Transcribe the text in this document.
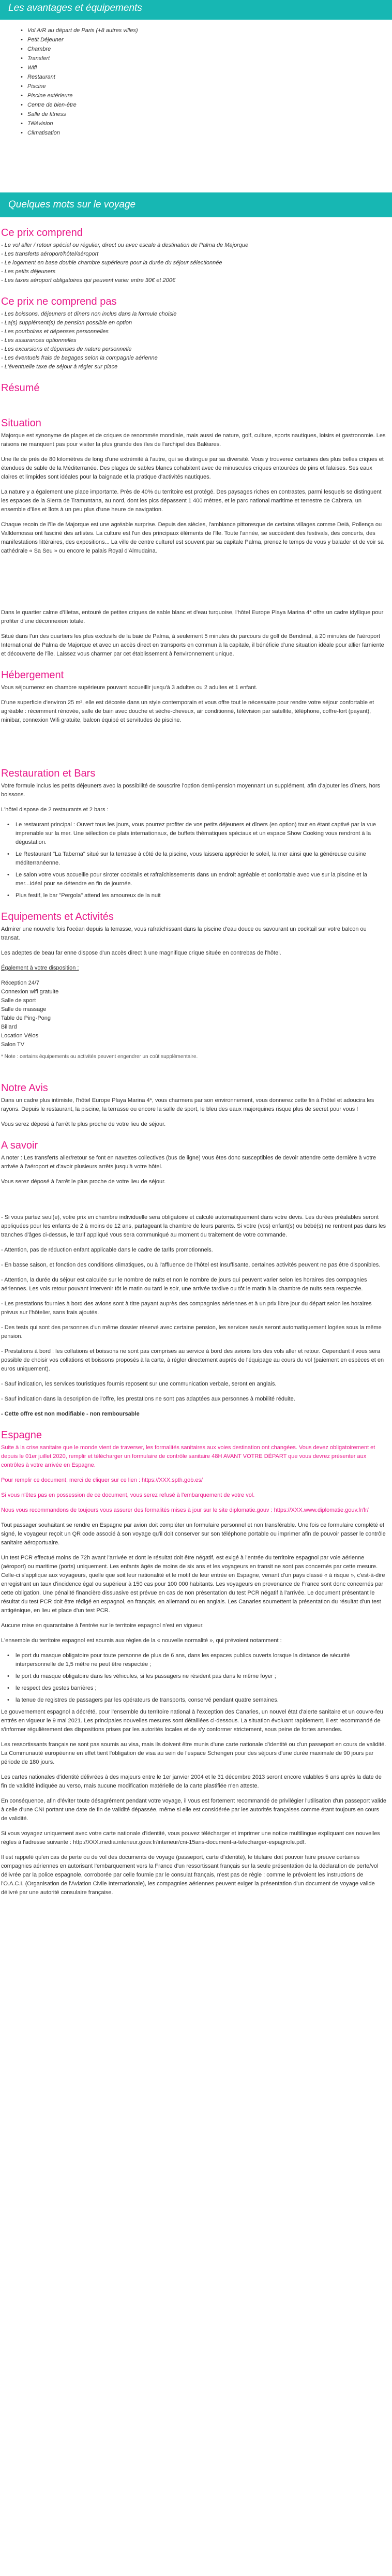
Les avantages et équipements
• Vol A/R au départ de Paris (+8 autres villes)
• Petit Déjeuner
• Chambre
• Transfert
• Wifi
• Restaurant
• Piscine
• Piscine extérieure
• Centre de bien-être
• Salle de fitness
• Télévision
• Climatisation
Quelques mots sur le voyage
Ce prix comprend
- Le vol aller / retour spécial ou régulier, direct ou avec escale à destination de Palma de Majorque
- Les transferts aéroport/hôtel/aéroport
- Le logement en base double chambre supérieure pour la durée du séjour sélectionnée
- Les petits déjeuners
- Les taxes aéroport obligatoires qui peuvent varier entre 30€ et 200€
Ce prix ne comprend pas
- Les boissons, déjeuners et dîners non inclus dans la formule choisie
- La(s) supplément(s) de pension possible en option
- Les pourboires et dépenses personnelles
- Les assurances optionnelles
- Les excursions et dépenses de nature personnelle
- Les éventuels frais de bagages selon la compagnie aérienne
- L'éventuelle taxe de séjour à régler sur place
Résumé
Situation

Majorque est synonyme de plages et de criques de renommée mondiale, mais aussi de nature, golf, culture, sports nautiques, loisirs et gastronomie. Les raisons ne manquent pas pour visiter la plus grande des îles de l'archipel des Baléares.

Une île de près de 80 kilomètres de long d'une extrémité à l'autre, qui se distingue par sa diversité. Vous y trouverez certaines des plus belles criques et étendues de sable de la Méditerranée. Des plages de sables blancs cohabitent avec de minuscules criques entourées de pins et falaises. Ses eaux claires et limpides sont idéales pour la baignade et la pratique d'activités nautiques.

La nature y a également une place importante. Près de 40% du territoire est protégé. Des paysages riches en contrastes, parmi lesquels se distinguent les espaces de la Sierra de Tramuntana, au nord, dont les pics dépassent 1 400 mètres, et le parc national maritime et terrestre de Cabrera, un ensemble d'îles et îlots à un peu plus d'une heure de navigation.

Chaque recoin de l'île de Majorque est une agréable surprise. Depuis des siècles, l'ambiance pittoresque de certains villages comme Deià, Pollença ou Valldemossa ont fasciné des artistes. La culture est l'un des principaux éléments de l'île. Toute l'année, se succèdent des festivals, des concerts, des manifestations littéraires, des expositions... La ville de centre culturel est souvent par sa capitale Palma, prenez le temps de vous y balader et de voir sa cathédrale « Sa Seu » ou encore le palais Royal d'Almudaina.

Dans le quartier calme d'Illetas, entouré de petites criques de sable blanc et d'eau turquoise, l'hôtel Europe Playa Marina 4* offre un cadre idyllique pour profiter d'une déconnexion totale.

Situé dans l'un des quartiers les plus exclusifs de la baie de Palma, à seulement 5 minutes du parcours de golf de Bendinat, à 20 minutes de l'aéroport International de Palma de Majorque et avec un accès direct en transports en commun à la capitale, il bénéficie d'une situation idéale pour allier farniente et découverte de l'île. Laissez vous charmer par cet établissement à l'environnement unique.

Hébergement

Vous séjournerez en chambre supérieure pouvant accueillir jusqu'à 3 adultes ou 2 adultes et 1 enfant.

D'une superficie d'environ 25 m², elle est décorée dans un style contemporain et vous offre tout le nécessaire pour rendre votre séjour confortable et agréable : récemment rénovée, salle de bain avec douche et sèche-cheveux, air conditionné, télévision par satellite, téléphone, coffre-fort (payant), minibar, connexion Wifi gratuite, balcon équipé et servitudes de piscine.

Restauration et Bars

Votre formule inclus les petits déjeuners avec la possibilité de souscrire l'option demi-pension moyennant un supplément, afin d'ajouter les dîners, hors boissons.

L'hôtel dispose de 2 restaurants et 2 bars :

• Le restaurant principal : Ouvert tous les jours, vous pourrez profiter de vos petits déjeuners et dîners (en option) tout en étant captivé par la vue imprenable sur la mer. Une sélection de plats internationaux, de buffets thématiques spéciaux et un espace Show Cooking vous rendront à la dégustation.
• Le Restaurant "La Taberna" situé sur la terrasse à côté de la piscine, vous laissera apprécier le soleil, la mer ainsi que la généreuse cuisine méditerranéenne.
• Le salon votre vous accueille pour siroter cocktails et rafraîchissements dans un endroit agréable et confortable avec vue sur la piscine et la mer...Idéal pour se détendre en fin de journée.
• Plus festif, le bar "Pergola" attend les amoureux de la nuit
Equipements et Activités

Admirer une nouvelle fois l'océan depuis la terrasse, vous rafraîchissant dans la piscine d'eau douce ou savourant un cocktail sur votre balcon ou transat.

Les adeptes de beau far enne dispose d'un accès direct à une magnifique crique située en contrebas de l'hôtel.

Également à votre disposition :

Réception 24/7
Connexion wifi gratuite
Salle de sport
Salle de massage
Table de Ping-Pong
Billard
Location Vélos
Salon TV
* Note : certains équipements ou activités peuvent engendrer un coût supplémentaire.
Notre Avis

Dans un cadre plus intimiste, l'hôtel Europe Playa Marina 4*, vous charmera par son environnement, vous donnerez cette fin à l'hôtel et adoucira les rayons. Depuis le restaurant, la piscine, la terrasse ou encore la salle de sport, le bleu des eaux majorquines risque plus de secret pour vous !

Vous serez déposé à l'arrêt le plus proche de votre lieu de séjour.

A savoir

A noter : Les transferts aller/retour se font en navettes collectives (bus de ligne) vous êtes donc susceptibles de devoir attendre cette dernière à votre arrivée à l'aéroport et d'avoir plusieurs arrêts jusqu'à votre hôtel.

Vous serez déposé à l'arrêt le plus proche de votre lieu de séjour.

- Si vous partez seul(e), votre prix en chambre individuelle sera obligatoire et calculé automatiquement dans votre devis. Les durées préalables seront appliquées pour les enfants de 2 à moins de 12 ans, partageant la chambre de leurs parents. Si votre (vos) enfant(s) ou bébé(s) ne rentrent pas dans les tranches d'âges ci-dessus, le tarif appliqué vous sera communiqué au moment du traitement de votre commande.

- Attention, pas de réduction enfant applicable dans le cadre de tarifs promotionnels.

- En basse saison, et fonction des conditions climatiques, ou à l'affluence de l'hôtel est insuffisante, certaines activités peuvent ne pas être disponibles.

- Attention, la durée du séjour est calculée sur le nombre de nuits et non le nombre de jours qui peuvent varier selon les horaires des compagnies aériennes. Les vols retour pouvant intervenir tôt le matin ou tard le soir, une arrivée tardive ou tôt le matin à la chambre de nuits sera respectée.

- Les prestations fournies à bord des avions sont à titre payant auprès des compagnies aériennes et à un prix libre jour du départ selon les horaires prévus sur l'hôtelier, sans frais ajoutés.

- Des tests qui sont des personnes d'un même dossier réservé avec certaine pension, les services seuls seront automatiquement logées sous la même pension.

- Prestations à bord : les collations et boissons ne sont pas comprises au service à bord des avions lors des vols aller et retour. Cependant il vous sera possible de choisir vos collations et boissons proposés à la carte, à régler directement auprès de l'équipage au cours du vol (paiement en espèces et en euros uniquement).

- Sauf indication, les services touristiques fournis reposent sur une communication verbale, seront en anglais.

- Sauf indication dans la description de l'offre, les prestations ne sont pas adaptées aux personnes à mobilité réduite.

- Cette offre est non modifiable - non remboursable

Espagne

Suite à la crise sanitaire que le monde vient de traverser, les formalités sanitaires aux voies destination ont changées. Vous devez obligatoirement et depuis le 01er juillet 2020, remplir et télécharger un formulaire de contrôle sanitaire 48H AVANT VOTRE DÉPART que vous devrez présenter aux contrôles à votre arrivée en Espagne.

Pour remplir ce document, merci de cliquer sur ce lien : https://XXX.spth.gob.es/

Si vous n'êtes pas en possession de ce document, vous serez refusé à l'embarquement de votre vol.

Nous vous recommandons de toujours vous assurer des formalités mises à jour sur le site diplomatie.gouv : https://XXX.www.diplomatie.gouv.fr/fr/

Tout passager souhaitant se rendre en Espagne par avion doit compléter un formulaire personnel et non transférable. Une fois ce formulaire complété et signé, le voyageur reçoit un QR code associé à son voyage qu'il doit conserver sur son téléphone portable ou imprimer afin de pouvoir passer le contrôle sanitaire aéroportuaire.

Un test PCR effectué moins de 72h avant l'arrivée et dont le résultat doit être négatif, est exigé à l'entrée du territoire espagnol par voie aérienne (aéroport) ou maritime (ports) uniquement. Les enfants âgés de moins de six ans et les voyageurs en transit ne sont pas concernés par cette mesure. Celle-ci s'applique aux voyageurs, quelle que soit leur nationalité et le motif de leur entrée en Espagne, venant d'un pays classé « à risque », c'est-à-dire enregistrant un taux d'incidence égal ou supérieur à 150 cas pour 100 000 habitants. Les voyageurs en provenance de France sont donc concernés par cette obligation. Une pénalité financière dissuasive est prévue en cas de non présentation du test PCR négatif à l'arrivée. Le document présentant le résultat du test PCR doit être rédigé en espagnol, en français, en allemand ou en anglais. Les Canaries soumettent la présentation du résultat d'un test antigénique, en lieu et place d'un test PCR.

Aucune mise en quarantaine à l'entrée sur le territoire espagnol n'est en vigueur.

L'ensemble du territoire espagnol est soumis aux règles de la « nouvelle normalité », qui prévoient notamment :

• le port du masque obligatoire pour toute personne de plus de 6 ans, dans les espaces publics ouverts lorsque la distance de sécurité interpersonnelle de 1,5 mètre ne peut être respectée ;
• le port du masque obligatoire dans les véhicules, si les passagers ne résident pas dans le même foyer ;
• le respect des gestes barrières ;
• la tenue de registres de passagers par les opérateurs de transports, conservé pendant quatre semaines.

Le gouvernement espagnol a décrété, pour l'ensemble du territoire national à l'exception des Canaries, un nouvel état d'alerte sanitaire et un couvre-feu entrés en vigueur le 9 mai 2021. Les principales nouvelles mesures sont détaillées ci-dessous. La situation évoluant rapidement, il est recommandé de s'informer régulièrement des dispositions prises par les autorités locales et de s'y conformer strictement, sous peine de fortes amendes.

Les ressortissants français ne sont pas soumis au visa, mais ils doivent être munis d'une carte nationale d'identité ou d'un passeport en cours de validité. La Communauté européenne en effet tient l'obligation de visa au sein de l'espace Schengen pour des séjours d'une durée maximale de 90 jours par période de 180 jours.

Les cartes nationales d'identité délivrées à des majeurs entre le 1er janvier 2004 et le 31 décembre 2013 seront encore valables 5 ans après la date de fin de validité indiquée au verso, mais aucune modification matérielle de la carte plastifiée n'en atteste.

En conséquence, afin d'éviter toute désagrément pendant votre voyage, il vous est fortement recommandé de privilégier l'utilisation d'un passeport valide à celle d'une CNI portant une date de fin de validité dépassée, même si elle est considérée par les autorités françaises comme étant toujours en cours de validité.

Si vous voyagez uniquement avec votre carte nationale d'identité, vous pouvez télécharger et imprimer une notice multilingue expliquant ces nouvelles règles à l'adresse suivante : http://XXX.media.interieur.gouv.fr/interieur/cni-15ans-document-a-telecharger-espagnole.pdf.

Il est rappelé qu'en cas de perte ou de vol des documents de voyage (passeport, carte d'identité), le titulaire doit pouvoir faire preuve certaines compagnies aériennes en autorisant l'embarquement vers la France d'un ressortissant français sur la seule présentation de la déclaration de perte/vol délivrée par la police espagnole, corroborée par celle fournie par le consulat français, n'est pas de règle : comme le prévoient les instructions de l'O.A.C.I. (Organisation de l'Aviation Civile Internationale), les compagnies aériennes peuvent exiger la présentation d'un document de voyage valide délivré par une autorité consulaire française.
